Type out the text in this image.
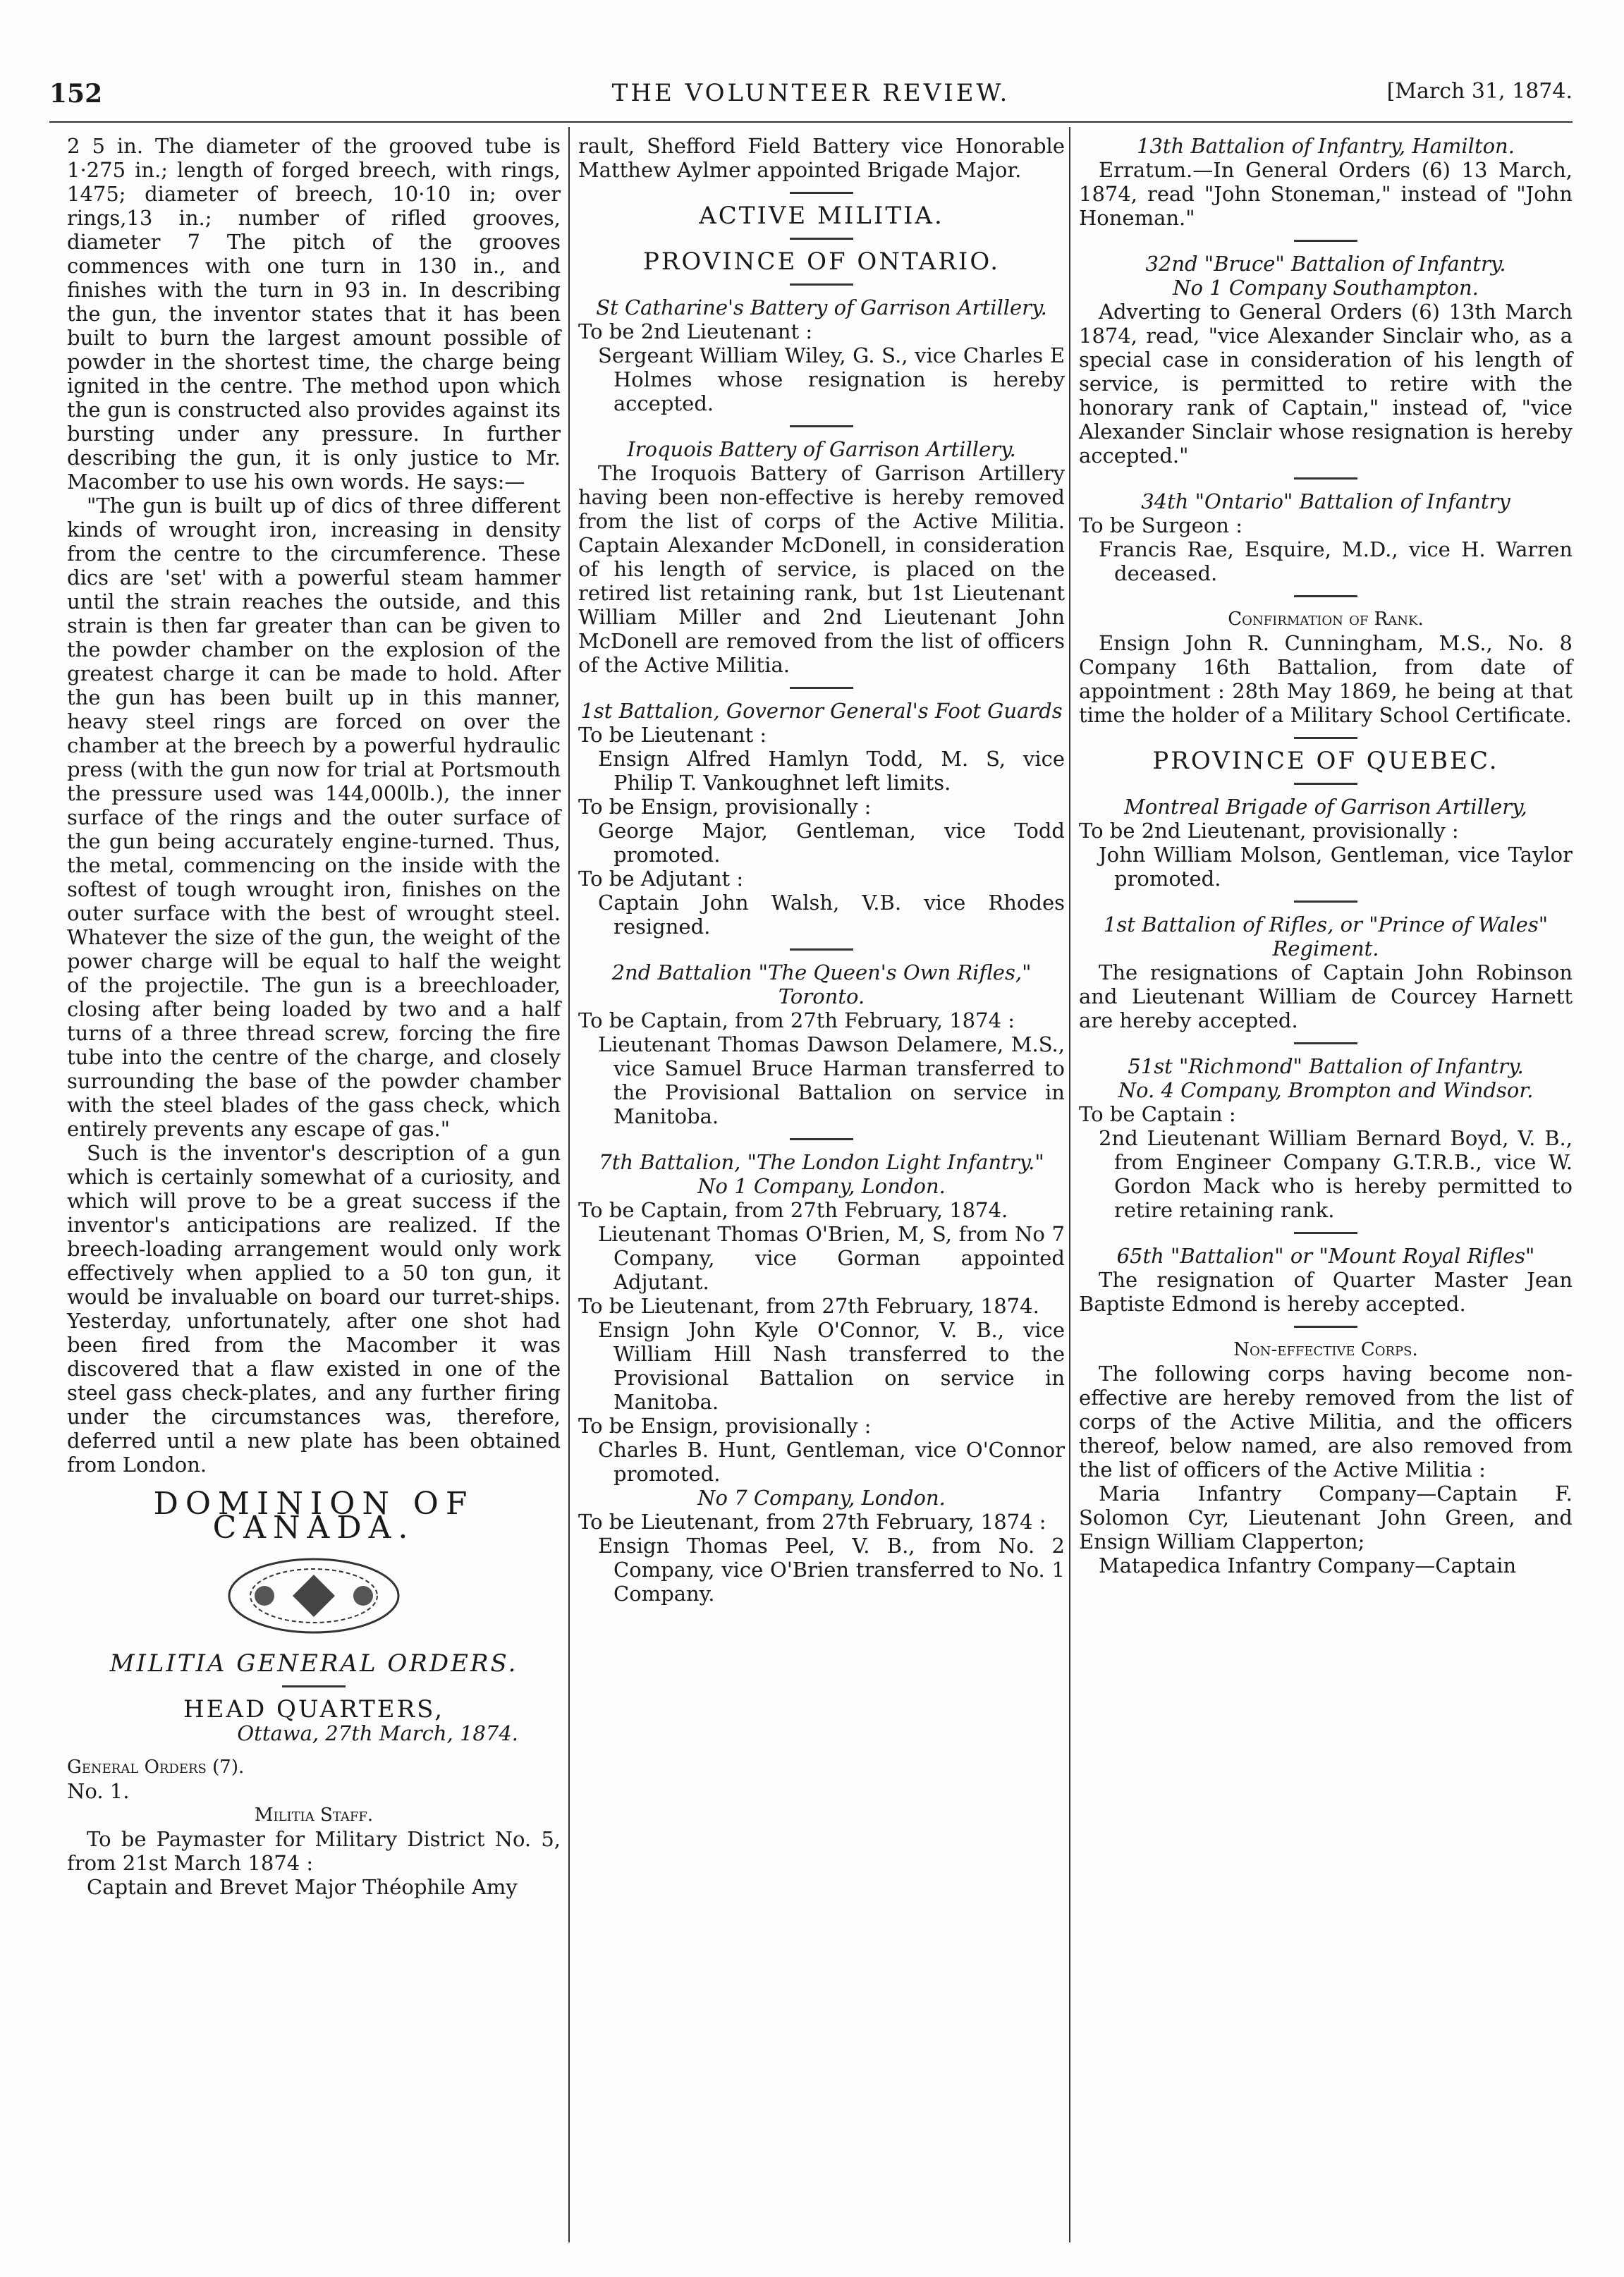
152	THE VOLUNTEER REVIEW.	[March 31, 1874.

2 5 in. The diameter of the grooved tube is 1·275 in.; length of forged breech, with rings, 1475; diameter of breech, 10·10 in; over rings,13 in.; number of rifled grooves, diameter 7 The pitch of the grooves commences with one turn in 130 in., and finishes with the turn in 93 in. In describing the gun, the inventor states that it has been built to burn the largest amount possible of powder in the shortest time, the charge being ignited in the centre. The method upon which the gun is constructed also provides against its bursting under any pressure. In further describing the gun, it is only justice to Mr. Macomber to use his own words. He says:—

"The gun is built up of dics of three different kinds of wrought iron, increasing in density from the centre to the circumference. These dics are 'set' with a powerful steam hammer until the strain reaches the outside, and this strain is then far greater than can be given to the powder chamber on the explosion of the greatest charge it can be made to hold. After the gun has been built up in this manner, heavy steel rings are forced on over the chamber at the breech by a powerful hydraulic press (with the gun now for trial at Portsmouth the pressure used was 144,000lb.), the inner surface of the rings and the outer surface of the gun being accurately engine-turned. Thus, the metal, commencing on the inside with the softest of tough wrought iron, finishes on the outer surface with the best of wrought steel. Whatever the size of the gun, the weight of the power charge will be equal to half the weight of the projectile. The gun is a breechloader, closing after being loaded by two and a half turns of a three thread screw, forcing the fire tube into the centre of the charge, and closely surrounding the base of the powder chamber with the steel blades of the gass check, which entirely prevents any escape of gas."

Such is the inventor's description of a gun which is certainly somewhat of a curiosity, and which will prove to be a great success if the inventor's anticipations are realized. If the breech-loading arrangement would only work effectively when applied to a 50 ton gun, it would be invaluable on board our turret-ships. Yesterday, unfortunately, after one shot had been fired from the Macomber it was discovered that a flaw existed in one of the steel gass check-plates, and any further firing under the circumstances was, therefore, deferred until a new plate has been obtained from London.

DOMINION OF CANADA.
MILITIA GENERAL ORDERS.
HEAD QUARTERS,

Ottawa, 27th March, 1874.

General Orders (7).

No. 1.

Militia Staff.

To be Paymaster for Military District No. 5, from 21st March 1874 :

Captain and Brevet Major Théophile Amy

rault, Shefford Field Battery vice Honorable Matthew Aylmer appointed Brigade Major.

ACTIVE MILITIA.
PROVINCE OF ONTARIO.

St Catharine's Battery of Garrison Artillery.

To be 2nd Lieutenant :

Sergeant William Wiley, G. S., vice Charles E Holmes whose resignation is hereby accepted.

Iroquois Battery of Garrison Artillery.

The Iroquois Battery of Garrison Artillery having been non-effective is hereby removed from the list of corps of the Active Militia. Captain Alexander McDonell, in consideration of his length of service, is placed on the retired list retaining rank, but 1st Lieutenant William Miller and 2nd Lieutenant John McDonell are removed from the list of officers of the Active Militia.

1st Battalion, Governor General's Foot Guards

To be Lieutenant :

Ensign Alfred Hamlyn Todd, M. S, vice Philip T. Vankoughnet left limits.

To be Ensign, provisionally :

George Major, Gentleman, vice Todd promoted.

To be Adjutant :

Captain John Walsh, V.B. vice Rhodes resigned.

2nd Battalion "The Queen's Own Rifles," Toronto.

To be Captain, from 27th February, 1874 :

Lieutenant Thomas Dawson Delamere, M.S., vice Samuel Bruce Harman transferred to the Provisional Battalion on service in Manitoba.

7th Battalion, "The London Light Infantry."

No 1 Company, London.

To be Captain, from 27th February, 1874.

Lieutenant Thomas O'Brien, M, S, from No 7 Company, vice Gorman appointed Adjutant.

To be Lieutenant, from 27th February, 1874.

Ensign John Kyle O'Connor, V. B., vice William Hill Nash transferred to the Provisional Battalion on service in Manitoba.

To be Ensign, provisionally :

Charles B. Hunt, Gentleman, vice O'Connor promoted.

No 7 Company, London.

To be Lieutenant, from 27th February, 1874 :

Ensign Thomas Peel, V. B., from No. 2 Company, vice O'Brien transferred to No. 1 Company.

13th Battalion of Infantry, Hamilton.

Erratum.—In General Orders (6) 13 March, 1874, read "John Stoneman," instead of "John Honeman."

32nd "Bruce" Battalion of Infantry.

No 1 Company Southampton.

Adverting to General Orders (6) 13th March 1874, read, "vice Alexander Sinclair who, as a special case in consideration of his length of service, is permitted to retire with the honorary rank of Captain," instead of, "vice Alexander Sinclair whose resignation is hereby accepted."

34th "Ontario" Battalion of Infantry

To be Surgeon :

Francis Rae, Esquire, M.D., vice H. Warren deceased.

Confirmation of Rank.

Ensign John R. Cunningham, M.S., No. 8 Company 16th Battalion, from date of appointment : 28th May 1869, he being at that time the holder of a Military School Certificate.

PROVINCE OF QUEBEC.

Montreal Brigade of Garrison Artillery,

To be 2nd Lieutenant, provisionally :

John William Molson, Gentleman, vice Taylor promoted.

1st Battalion of Rifles, or "Prince of Wales" Regiment.

The resignations of Captain John Robinson and Lieutenant William de Courcey Harnett are hereby accepted.

51st "Richmond" Battalion of Infantry.

No. 4 Company, Brompton and Windsor.

To be Captain :

2nd Lieutenant William Bernard Boyd, V. B., from Engineer Company G.T.R.B., vice W. Gordon Mack who is hereby permitted to retire retaining rank.

65th "Battalion" or "Mount Royal Rifles"

The resignation of Quarter Master Jean Baptiste Edmond is hereby accepted.

Non-effective Corps.

The following corps having become non-effective are hereby removed from the list of corps of the Active Militia, and the officers thereof, below named, are also removed from the list of officers of the Active Militia :

Maria Infantry Company—Captain F. Solomon Cyr, Lieutenant John Green, and Ensign William Clapperton;

Matapedica Infantry Company—Captain
